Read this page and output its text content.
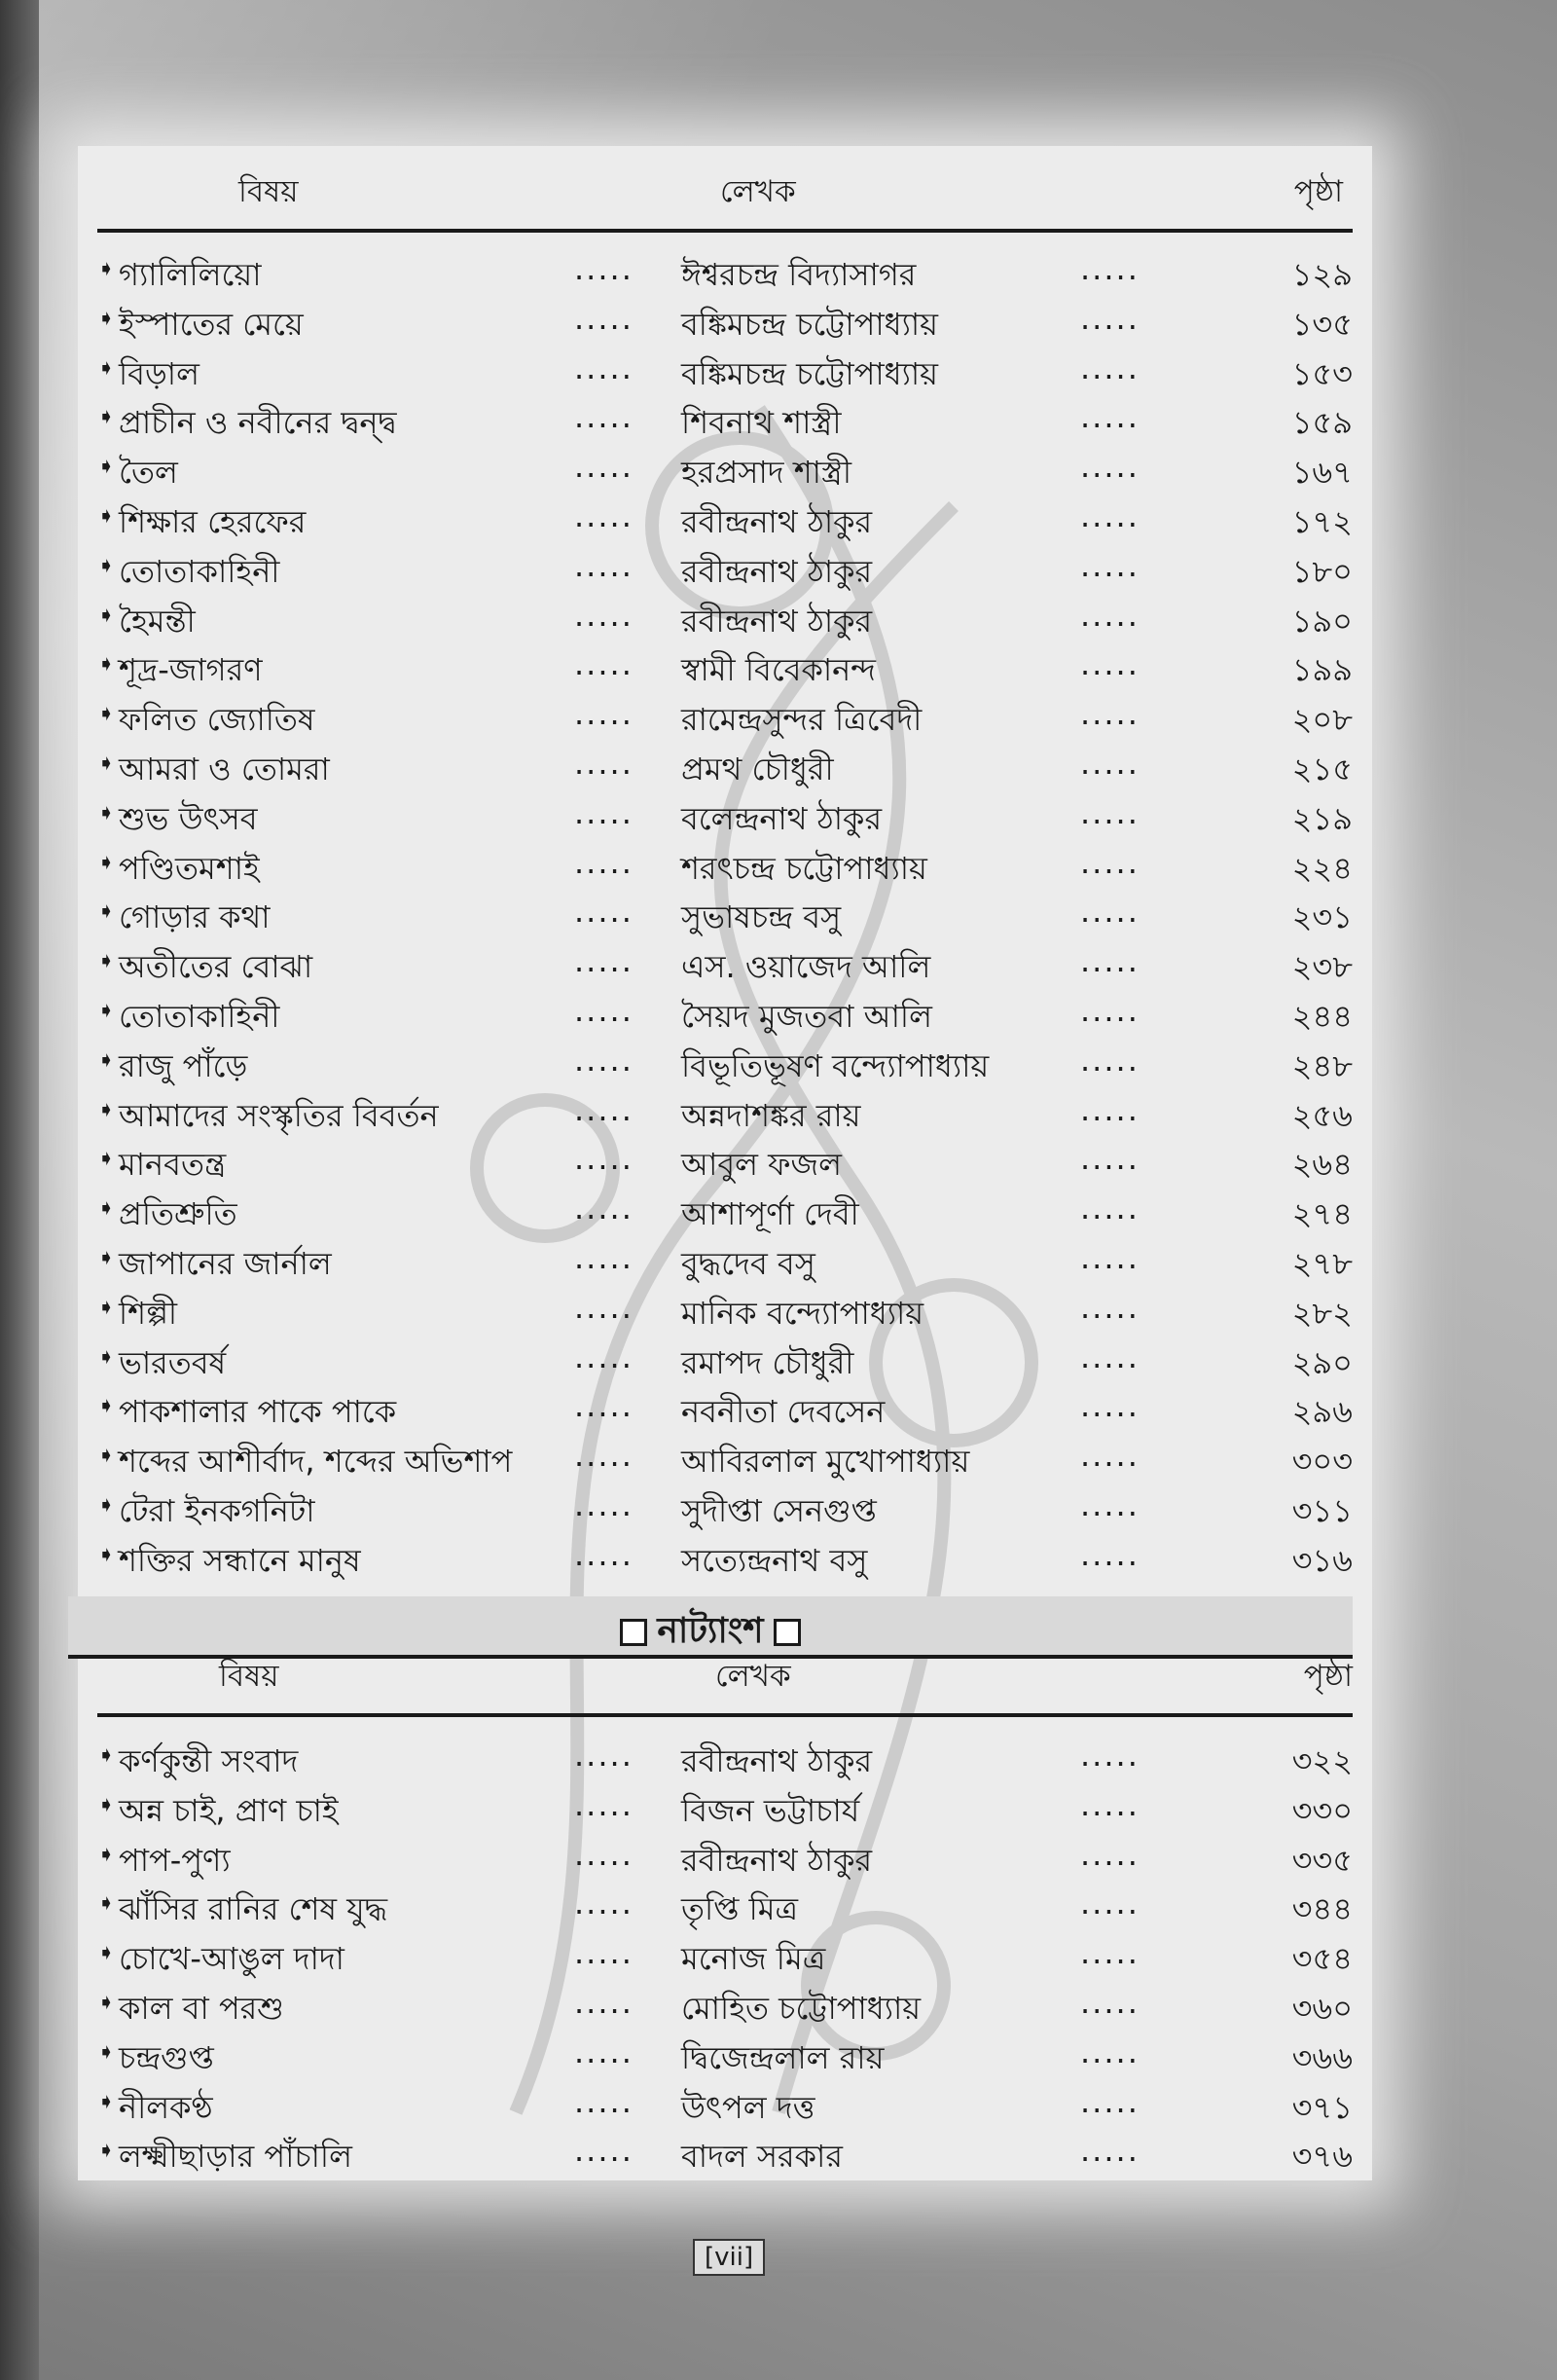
বিষয়	লেখক	পৃষ্ঠা
➧ গ্যালিলিয়ো	..... ঈশ্বরচন্দ্র বিদ্যাসাগর	.....	১২৯
➧ ইস্পাতের মেয়ে	..... বঙ্কিমচন্দ্র চট্টোপাধ্যায়	.....	১৩৫
➧ বিড়াল	..... বঙ্কিমচন্দ্র চট্টোপাধ্যায়	.....	১৫৩
➧ প্রাচীন ও নবীনের দ্বন্দ্ব	..... শিবনাথ শাস্ত্রী	.....	১৫৯
➧ তৈল	..... হরপ্রসাদ শাস্ত্রী	.....	১৬৭
➧ শিক্ষার হেরফের	..... রবীন্দ্রনাথ ঠাকুর	.....	১৭২
➧ তোতাকাহিনী	..... রবীন্দ্রনাথ ঠাকুর	.....	১৮০
➧ হৈমন্তী	..... রবীন্দ্রনাথ ঠাকুর	.....	১৯০
➧ শূদ্র-জাগরণ	..... স্বামী বিবেকানন্দ	.....	১৯৯
➧ ফলিত জ্যোতিষ	..... রামেন্দ্রসুন্দর ত্রিবেদী	.....	২০৮
➧ আমরা ও তোমরা	..... প্রমথ চৌধুরী	.....	২১৫
➧ শুভ উৎসব	..... বলেন্দ্রনাথ ঠাকুর	.....	২১৯
➧ পণ্ডিতমশাই	..... শরৎচন্দ্র চট্টোপাধ্যায়	.....	২২৪
➧ গোড়ার কথা	..... সুভাষচন্দ্র বসু	.....	২৩১
➧ অতীতের বোঝা	..... এস. ওয়াজেদ আলি	.....	২৩৮
➧ তোতাকাহিনী	..... সৈয়দ মুজতবা আলি	.....	২৪৪
➧ রাজু পাঁড়ে	..... বিভূতিভূষণ বন্দ্যোপাধ্যায়	.....	২৪৮
➧ আমাদের সংস্কৃতির বিবর্তন	..... অন্নদাশঙ্কর রায়	.....	২৫৬
➧ মানবতন্ত্র	..... আবুল ফজল	.....	২৬৪
➧ প্রতিশ্রুতি	..... আশাপূর্ণা দেবী	.....	২৭৪
➧ জাপানের জার্নাল	..... বুদ্ধদেব বসু	.....	২৭৮
➧ শিল্পী	..... মানিক বন্দ্যোপাধ্যায়	.....	২৮২
➧ ভারতবর্ষ	..... রমাপদ চৌধুরী	.....	২৯০
➧ পাকশালার পাকে পাকে	..... নবনীতা দেবসেন	.....	২৯৬
➧ শব্দের আশীর্বাদ, শব্দের অভিশাপ ..... আবিরলাল মুখোপাধ্যায়	.....	৩০৩
➧ টেরা ইনকগনিটা	..... সুদীপ্তা সেনগুপ্ত	.....	৩১১
➧ শক্তির সন্ধানে মানুষ	..... সত্যেন্দ্রনাথ বসু	.....	৩১৬
নাট্যাংশ
বিষয়	লেখক	পৃষ্ঠা
➧ কর্ণকুন্তী সংবাদ	..... রবীন্দ্রনাথ ঠাকুর	.....	৩২২
➧ অন্ন চাই, প্রাণ চাই	..... বিজন ভট্টাচার্য	.....	৩৩০
➧ পাপ-পুণ্য	..... রবীন্দ্রনাথ ঠাকুর	.....	৩৩৫
➧ ঝাঁসির রানির শেষ যুদ্ধ	..... তৃপ্তি মিত্র	.....	৩৪৪
➧ চোখে-আঙুল দাদা	..... মনোজ মিত্র	.....	৩৫৪
➧ কাল বা পরশু	..... মোহিত চট্টোপাধ্যায়	.....	৩৬০
➧ চন্দ্রগুপ্ত	..... দ্বিজেন্দ্রলাল রায়	.....	৩৬৬
➧ নীলকণ্ঠ	..... উৎপল দত্ত	.....	৩৭১
➧ লক্ষ্মীছাড়ার পাঁচালি	..... বাদল সরকার	.....	৩৭৬
[vii]
